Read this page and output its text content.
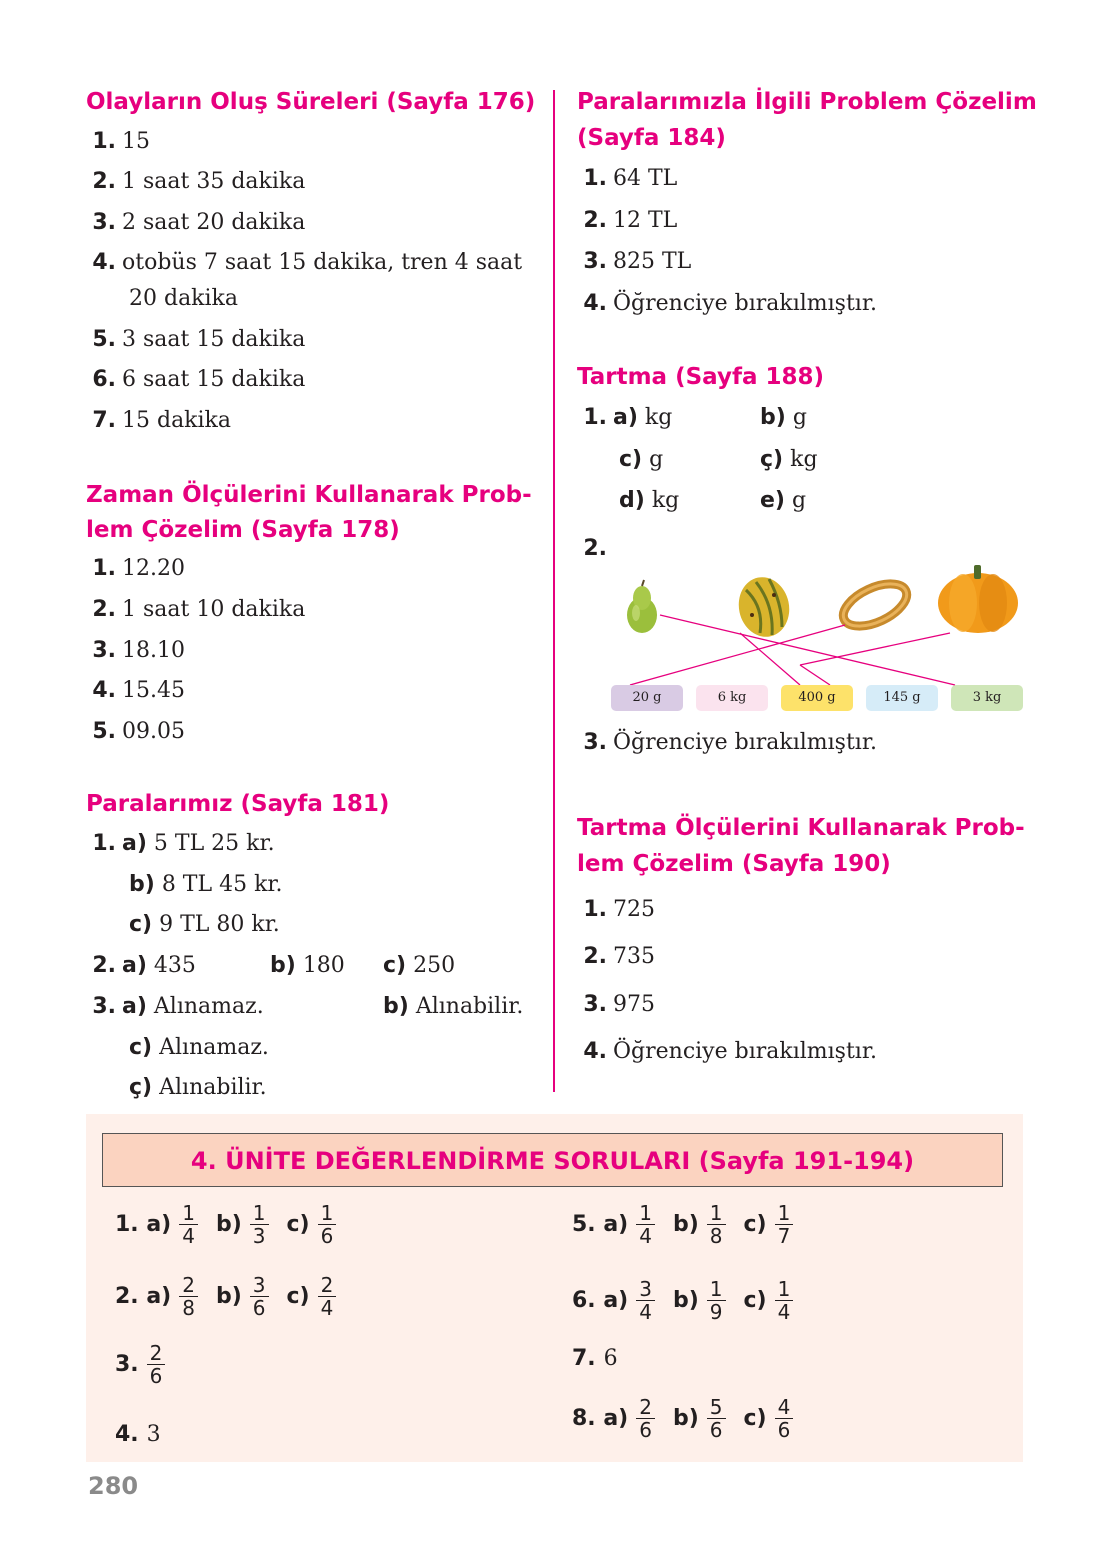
Olayların Oluş Süreleri (Sayfa 176)
1. 15
2. 1 saat 35 dakika
3. 2 saat 20 dakika
4. otobüs 7 saat 15 dakika, tren 4 saat
20 dakika
5. 3 saat 15 dakika
6. 6 saat 15 dakika
7. 15 dakika
Zaman Ölçülerini Kullanarak Prob-
lem Çözelim (Sayfa 178)
1. 12.20
2. 1 saat 10 dakika
3. 18.10
4. 15.45
5. 09.05
Paralarımız (Sayfa 181)
1. a) 5 TL 25 kr.
b) 8 TL 45 kr.
c) 9 TL 80 kr.
2. a) 435	b) 180 c) 250
3. a) Alınamaz.	b) Alınabilir.
c) Alınamaz.
ç) Alınabilir.
Paralarımızla İlgili Problem Çözelim
(Sayfa 184)
1. 64 TL
2. 12 TL
3. 825 TL
4. Öğrenciye bırakılmıştır.
Tartma (Sayfa 188)
1. a) kg	b) g
c) g	ç) kg
d) kg	e) g
2.
20 g	6 kg	400 g	145 g	3 kg
3. Öğrenciye bırakılmıştır.
Tartma Ölçülerini Kullanarak Prob-
lem Çözelim (Sayfa 190)
1. 725
2. 735
3. 975
4. Öğrenciye bırakılmıştır.
4. ÜNİTE DEĞERLENDİRME SORULARI (Sayfa 191-194)
1. $a) \frac{1}{4} b) \frac{1}{3} c) \frac{1}{6}$
2. $a) \frac{2}{8} b) \frac{3}{6} c) \frac{2}{4}$
3. $\frac{2}{6}$
4. 3
5. $a) \frac{1}{4} b) \frac{1}{8} c) \frac{1}{7}$
6. $a) \frac{3}{4} b) \frac{1}{9} c) \frac{1}{4}$
7. 6
8. $a) \frac{2}{6} b) \frac{5}{6} c) \frac{4}{6}$
280
